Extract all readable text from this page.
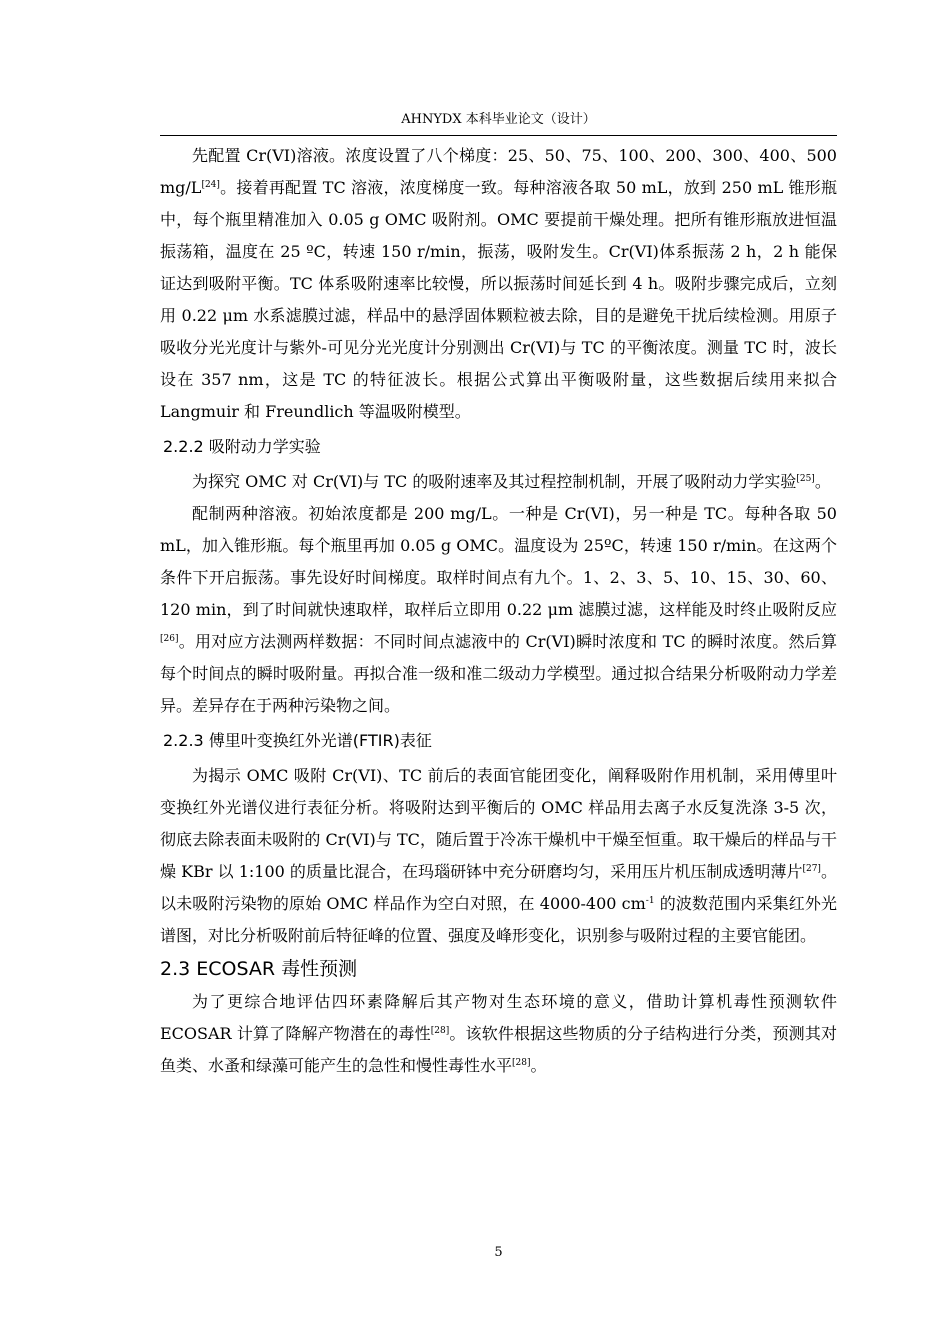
AHNYDX 本科毕业论文（设计）

先配置 Cr(VI)溶液。浓度设置了八个梯度：25、50、75、100、200、300、400、500 mg/L[24]。接着再配置 TC 溶液，浓度梯度一致。每种溶液各取 50 mL，放到 250 mL 锥形瓶中，每个瓶里精准加入 0.05 g OMC 吸附剂。OMC 要提前干燥处理。把所有锥形瓶放进恒温振荡箱，温度在 25 ºC，转速 150 r/min，振荡，吸附发生。Cr(VI)体系振荡 2 h，2 h 能保证达到吸附平衡。TC 体系吸附速率比较慢，所以振荡时间延长到 4 h。吸附步骤完成后，立刻用 0.22 μm 水系滤膜过滤，样品中的悬浮固体颗粒被去除，目的是避免干扰后续检测。用原子吸收分光光度计与紫外-可见分光光度计分别测出 Cr(VI)与 TC 的平衡浓度。测量 TC 时，波长设在 357 nm，这是 TC 的特征波长。根据公式算出平衡吸附量，这些数据后续用来拟合 Langmuir 和 Freundlich 等温吸附模型。

2.2.2 吸附动力学实验

为探究 OMC 对 Cr(VI)与 TC 的吸附速率及其过程控制机制，开展了吸附动力学实验[25]。

配制两种溶液。初始浓度都是 200 mg/L。一种是 Cr(VI)，另一种是 TC。每种各取 50 mL，加入锥形瓶。每个瓶里再加 0.05 g OMC。温度设为 25ºC，转速 150 r/min。在这两个条件下开启振荡。事先设好时间梯度。取样时间点有九个。1、2、3、5、10、15、30、60、120 min，到了时间就快速取样，取样后立即用 0.22 μm 滤膜过滤，这样能及时终止吸附反应[26]。用对应方法测两样数据：不同时间点滤液中的 Cr(VI)瞬时浓度和 TC 的瞬时浓度。然后算每个时间点的瞬时吸附量。再拟合准一级和准二级动力学模型。通过拟合结果分析吸附动力学差异。差异存在于两种污染物之间。

2.2.3 傅里叶变换红外光谱(FTIR)表征

为揭示 OMC 吸附 Cr(VI)、TC 前后的表面官能团变化，阐释吸附作用机制，采用傅里叶变换红外光谱仪进行表征分析。将吸附达到平衡后的 OMC 样品用去离子水反复洗涤 3-5 次，彻底去除表面未吸附的 Cr(VI)与 TC，随后置于冷冻干燥机中干燥至恒重。取干燥后的样品与干燥 KBr 以 1:100 的质量比混合，在玛瑙研钵中充分研磨均匀，采用压片机压制成透明薄片[27]。以未吸附污染物的原始 OMC 样品作为空白对照，在 4000-400 $cm^{-1}$ 的波数范围内采集红外光谱图，对比分析吸附前后特征峰的位置、强度及峰形变化，识别参与吸附过程的主要官能团。

2.3 ECOSAR 毒性预测

为了更综合地评估四环素降解后其产物对生态环境的意义，借助计算机毒性预测软件 ECOSAR 计算了降解产物潜在的毒性[28]。该软件根据这些物质的分子结构进行分类，预测其对鱼类、水蚤和绿藻可能产生的急性和慢性毒性水平[28]。

5
